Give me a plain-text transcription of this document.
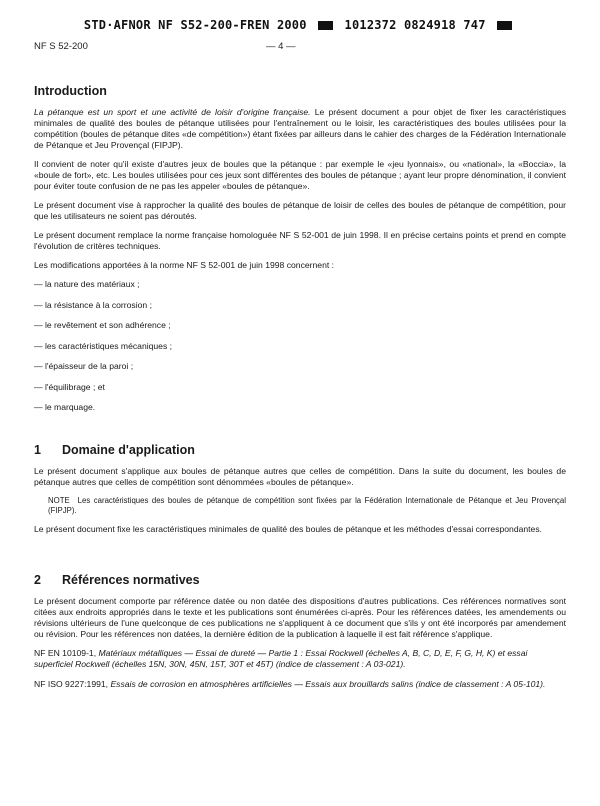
STD·AFNOR NF S52-200-FREN 2000	1012372 0824918 747
NF S 52-200	— 4 —
Introduction

La pétanque est un sport et une activité de loisir d'origine française. Le présent document a pour objet de fixer les caractéristiques minimales de qualité des boules de pétanque utilisées pour l'entraînement ou le loisir, les caractéristiques des boules utilisées pour la compétition (boules de pétanque dites «de compétition») étant fixées par ailleurs dans le cahier des charges de la Fédération Internationale de Pétanque et Jeu Provençal (FIPJP).

Il convient de noter qu'il existe d'autres jeux de boules que la pétanque : par exemple le «jeu lyonnais», ou «national», la «Boccia», la «boule de fort», etc. Les boules utilisées pour ces jeux sont différentes des boules de pétanque ; ayant leur propre dénomination, il convient pour éviter toute confusion de ne pas les appeler «boules de pétanque».

Le présent document vise à rapprocher la qualité des boules de pétanque de loisir de celles des boules de pétanque de compétition, pour que les utilisateurs ne soient pas déroutés.

Le présent document remplace la norme française homologuée NF S 52-001 de juin 1998. Il en précise certains points et prend en compte l'évolution de critères techniques.

Les modifications apportées à la norme NF S 52-001 de juin 1998 concernent :

— la nature des matériaux ;
— la résistance à la corrosion ;
— le revêtement et son adhérence ;
— les caractéristiques mécaniques ;
— l'épaisseur de la paroi ;
— l'équilibrage ; et
— le marquage.
1 Domaine d'application

Le présent document s'applique aux boules de pétanque autres que celles de compétition. Dans la suite du document, les boules de pétanque autres que celles de compétition sont dénommées «boules de pétanque».

NOTE Les caractéristiques des boules de pétanque de compétition sont fixées par la Fédération Internationale de Pétanque et Jeu Provençal (FIPJP).

Le présent document fixe les caractéristiques minimales de qualité des boules de pétanque et les méthodes d'essai correspondantes.

2 Références normatives

Le présent document comporte par référence datée ou non datée des dispositions d'autres publications. Ces références normatives sont citées aux endroits appropriés dans le texte et les publications sont énumérées ci-après. Pour les références datées, les amendements ou révisions ultérieurs de l'une quelconque de ces publications ne s'appliquent à ce document que s'ils y ont été incorporés par amendement ou révision. Pour les références non datées, la dernière édition de la publication à laquelle il est fait référence s'applique.

NF EN 10109-1, Matériaux métalliques — Essai de dureté — Partie 1 : Essai Rockwell (échelles A, B, C, D, E, F, G, H, K) et essai superficiel Rockwell (échelles 15N, 30N, 45N, 15T, 30T et 45T) (indice de classement : A 03-021).
NF ISO 9227:1991, Essais de corrosion en atmosphères artificielles — Essais aux brouillards salins (indice de classement : A 05-101).
